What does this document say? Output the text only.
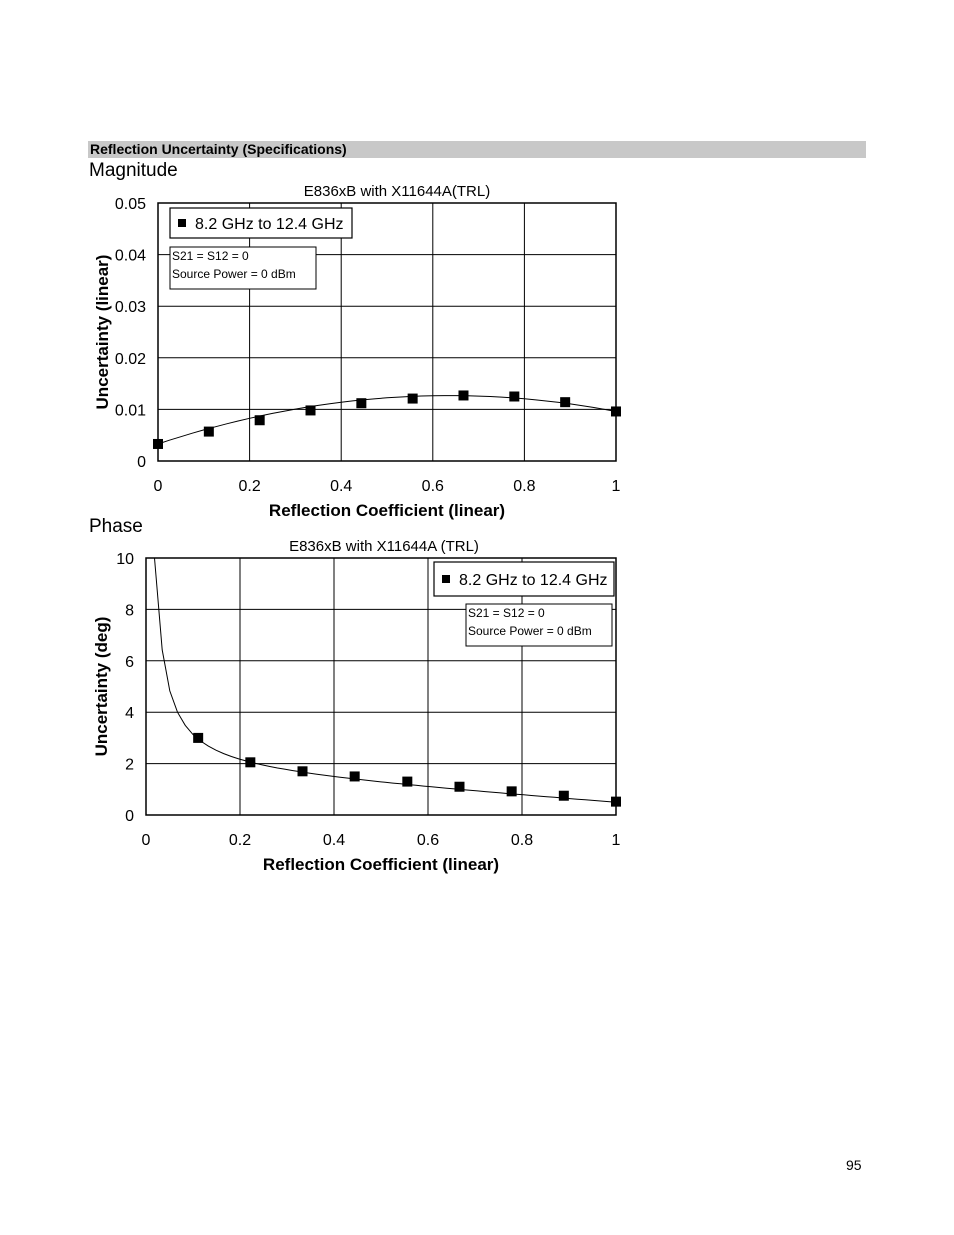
Reflection Uncertainty (Specifications)
Magnitude
Phase
0	0.2	0.4	0.6	0.8	1
0
0.01
0.02
0.03
0.04
0.05
E836xB with X11644A(TRL)
Reflection Coefficient (linear)
Uncertainty (linear)
8.2 GHz to 12.4 GHz
S21 = S12 = 0
Source Power = 0 dBm
0	0.2	0.4	0.6	0.8	1
0
2
4
6
8
10
E836xB with X11644A (TRL)
Reflection Coefficient (linear)
Uncertainty (deg)
8.2 GHz to 12.4 GHz
S21 = S12 = 0
Source Power = 0 dBm
95
